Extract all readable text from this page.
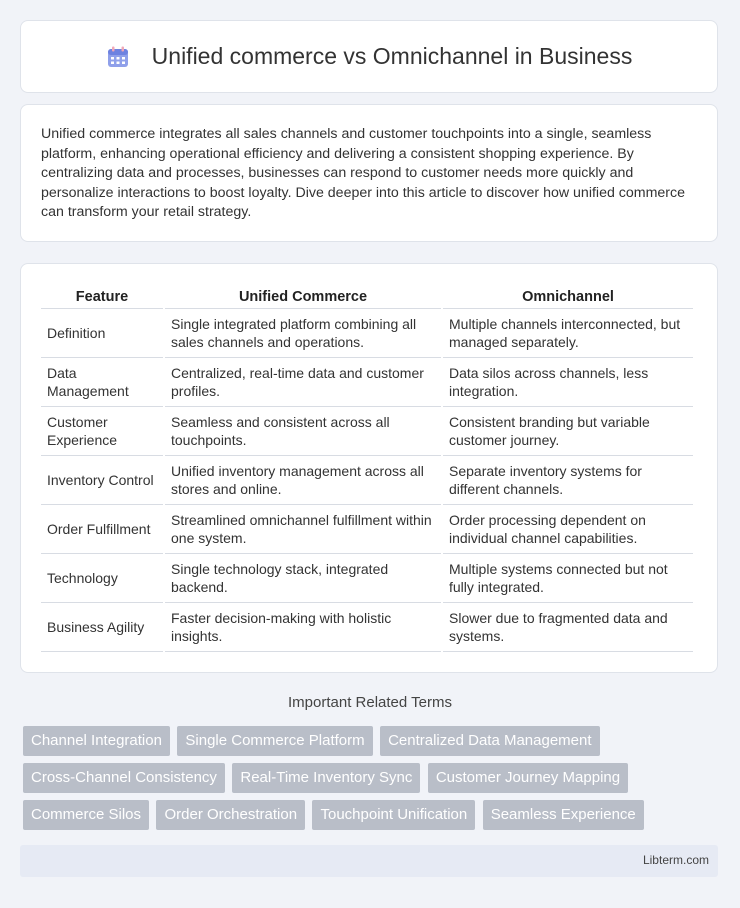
Unified commerce vs Omnichannel in Business

Unified commerce integrates all sales channels and customer touchpoints into a single, seamless platform, enhancing operational efficiency and delivering a consistent shopping experience. By centralizing data and processes, businesses can respond to customer needs more quickly and personalize interactions to boost loyalty. Dive deeper into this article to discover how unified commerce can transform your retail strategy.

Feature	Unified Commerce	Omnichannel
Definition	Single integrated platform combining all sales channels and operations.	Multiple channels interconnected, but managed separately.
Data Management	Centralized, real-time data and customer profiles.	Data silos across channels, less integration.
Customer Experience	Seamless and consistent across all touchpoints.	Consistent branding but variable customer journey.
Inventory Control	Unified inventory management across all stores and online.	Separate inventory systems for different channels.
Order Fulfillment	Streamlined omnichannel fulfillment within one system.	Order processing dependent on individual channel capabilities.
Technology	Single technology stack, integrated backend.	Multiple systems connected but not fully integrated.
Business Agility	Faster decision-making with holistic insights.	Slower due to fragmented data and systems.
Important Related Terms
Channel Integration Single Commerce Platform Centralized Data Management Cross-Channel Consistency Real-Time Inventory Sync Customer Journey Mapping Commerce Silos Order Orchestration Touchpoint Unification Seamless Experience
Libterm.com
